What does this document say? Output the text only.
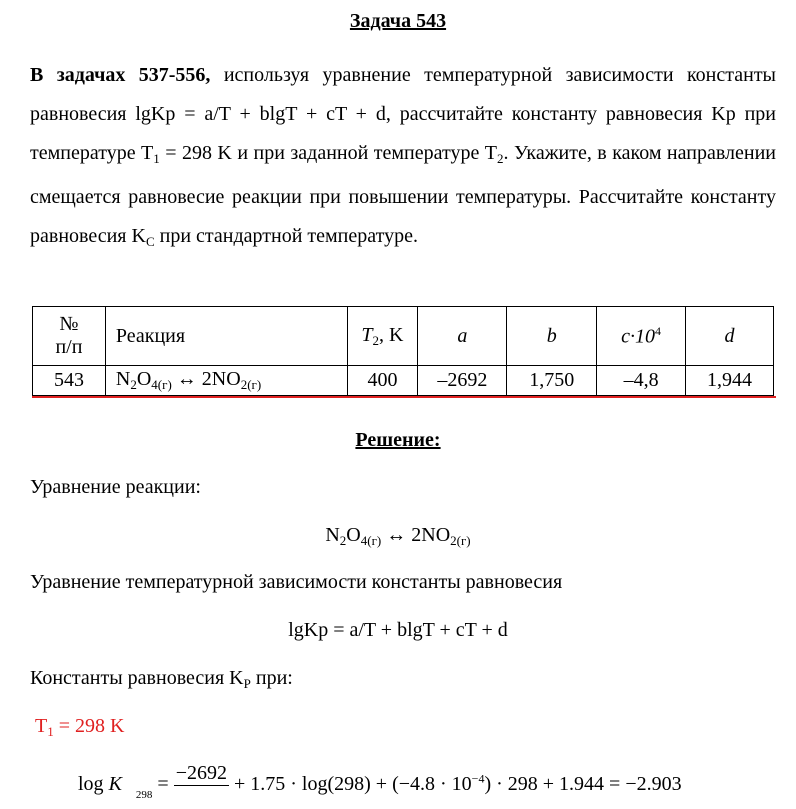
Задача 543
В задачах 537-556, используя уравнение температурной зависимости константы равновесия lgKp = a/T + blgT + cT + d, рассчитайте константу равновесия Kp при температуре $T_1 = 298$ K и при заданной температуре $T_2$. Укажите, в каком направлении смещается равновесие реакции при повышении температуры. Рассчитайте константу равновесия $K_C$ при стандартной температуре.
№
п/п	Реакция	$T_2$, K	a	b	$c\cdot 10^4$	d
543	$N_2O_{4(г)}$ ↔ $2NO_{2(г)}$	400	–2692	1,750	–4,8	1,944
Решение:
Уравнение реакции:
$N_2O_{4(г)}$ ↔ $2NO_{2(г)}$
Уравнение температурной зависимости константы равновесия
lgKp = a/T + blgT + cT + d
Константы равновесия $K_P$ при:
$T_1 = 298$ K
log K $_{298}$ =
−2692

+ $1.75 \cdot \log(298) + (-4.8 \cdot 10^{-4}) \cdot 298 + 1.944 = -2.903$
